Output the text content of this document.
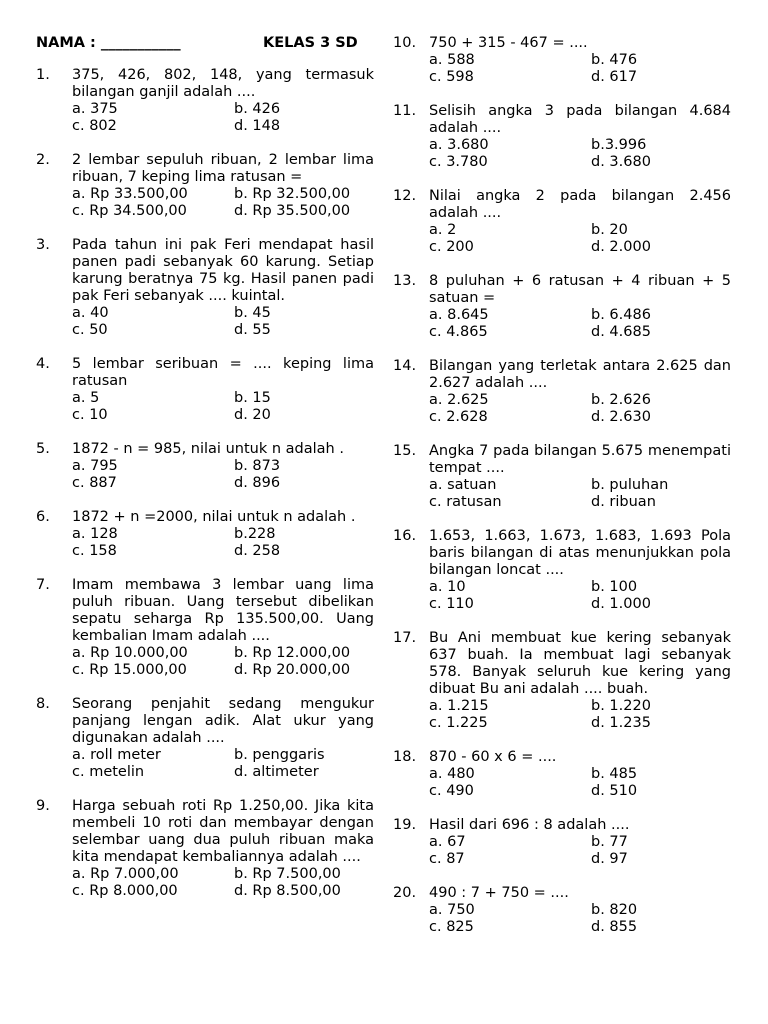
NAMA : ___________	KELAS 3 SD
1.	375, 426, 802, 148, yang termasuk bilangan ganjil adalah ....
a. 375	b. 426
c. 802	d. 148
2.	2 lembar sepuluh ribuan, 2 lembar lima ribuan, 7 keping lima ratusan =
a. Rp 33.500,00	b. Rp 32.500,00
c. Rp 34.500,00	d. Rp 35.500,00
3.	Pada tahun ini pak Feri mendapat hasil panen padi sebanyak 60 karung. Setiap karung beratnya 75 kg. Hasil panen padi pak Feri sebanyak .... kuintal.
a. 40	b. 45
c. 50	d. 55
4.	5 lembar seribuan = .... keping lima ratusan
a. 5	b. 15
c. 10	d. 20
5.	1872 - n = 985, nilai untuk n adalah .
a. 795	b. 873
c. 887	d. 896
6.	1872 + n =2000, nilai untuk n adalah .
a. 128	b.228
c. 158	d. 258
7.	Imam membawa 3 lembar uang lima puluh ribuan. Uang tersebut dibelikan sepatu seharga Rp 135.500,00. Uang kembalian Imam adalah ....
a. Rp 10.000,00	b. Rp 12.000,00
c. Rp 15.000,00	d. Rp 20.000,00
8.	Seorang penjahit sedang mengukur panjang lengan adik. Alat ukur yang digunakan adalah ....
a. roll meter	b. penggaris
c. metelin	d. altimeter
9.	Harga sebuah roti Rp 1.250,00. Jika kita membeli 10 roti dan membayar dengan selembar uang dua puluh ribuan maka kita mendapat kembaliannya adalah ....
a. Rp 7.000,00	b. Rp 7.500,00
c. Rp 8.000,00	d. Rp 8.500,00
10. 750 + 315 - 467 = ....
a. 588	b. 476
c. 598	d. 617
11. Selisih angka 3 pada bilangan 4.684 adalah ....
a. 3.680	b.3.996
c. 3.780	d. 3.680
12. Nilai angka 2 pada bilangan 2.456 adalah ....
a. 2	b. 20
c. 200	d. 2.000
13. 8 puluhan + 6 ratusan + 4 ribuan + 5 satuan =
a. 8.645	b. 6.486
c. 4.865	d. 4.685
14. Bilangan yang terletak antara 2.625 dan 2.627 adalah ....
a. 2.625	b. 2.626
c. 2.628	d. 2.630
15. Angka 7 pada bilangan 5.675 menempati tempat ....
a. satuan	b. puluhan
c. ratusan	d. ribuan
16. 1.653, 1.663, 1.673, 1.683, 1.693 Pola baris bilangan di atas menunjukkan pola bilangan loncat ....
a. 10	b. 100
c. 110	d. 1.000
17. Bu Ani membuat kue kering sebanyak 637 buah. Ia membuat lagi sebanyak 578. Banyak seluruh kue kering yang dibuat Bu ani adalah .... buah.
a. 1.215	b. 1.220
c. 1.225	d. 1.235
18. 870 - 60 x 6 = ....
a. 480	b. 485
c. 490	d. 510
19. Hasil dari 696 : 8 adalah ....
a. 67	b. 77
c. 87	d. 97
20. 490 : 7 + 750 = ....
a. 750	b. 820
c. 825	d. 855
